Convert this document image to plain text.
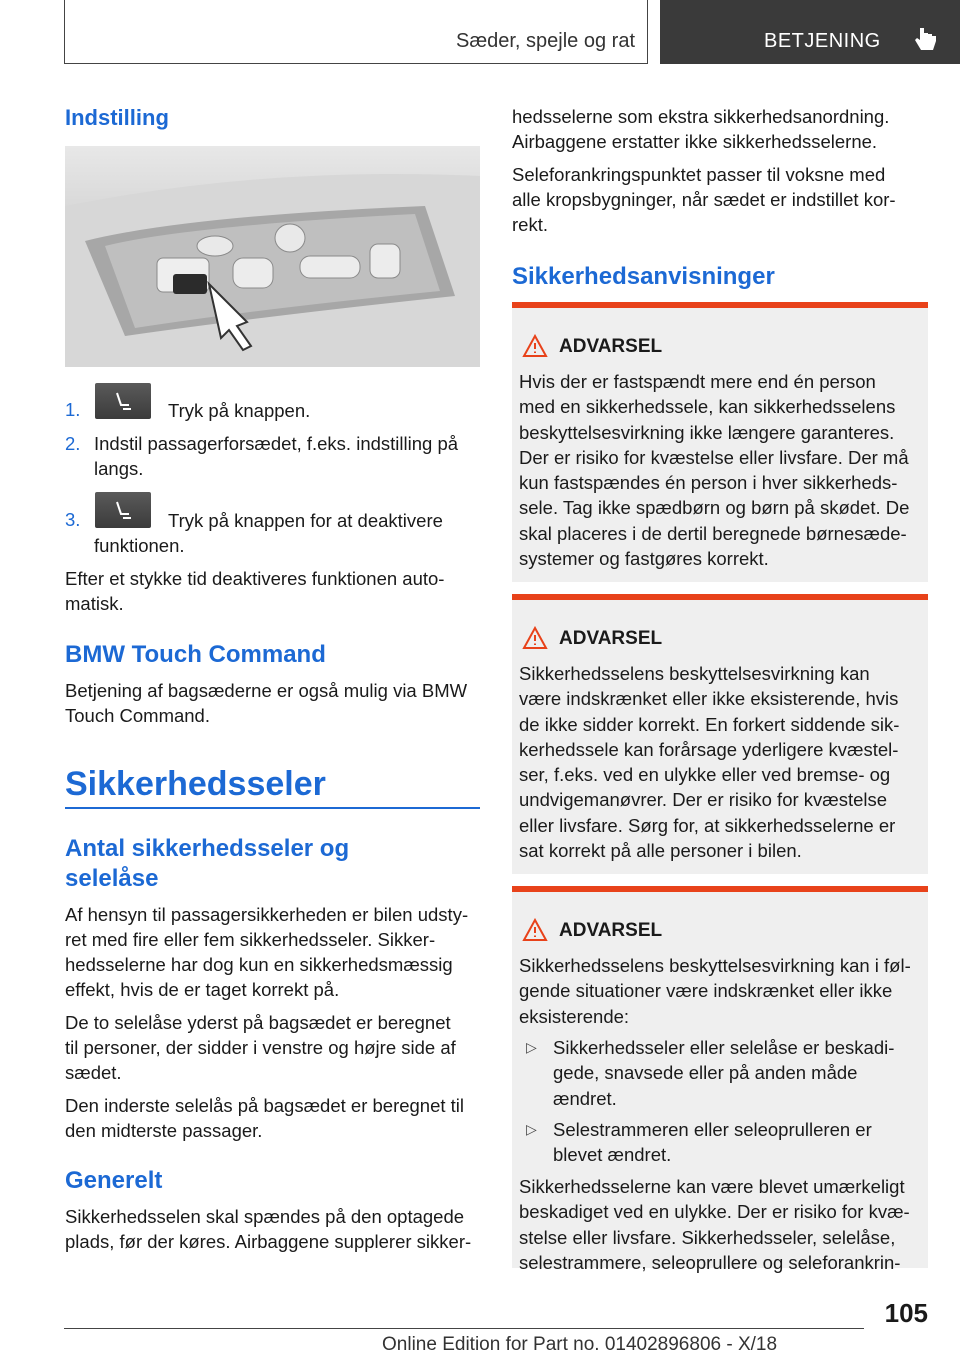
Sæder, spejle og rat	BETJENING
Indstilling
1.	Tryk på knappen.
2. Indstil passagerforsædet, f.eks. indstilling på
langs.
3.	Tryk på knappen for at deaktivere
funktionen.

Efter et stykke tid deaktiveres funktionen auto-

matisk.

BMW Touch Command

Betjening af bagsæderne er også mulig via BMW

Touch Command.

Sikkerhedsseler
Antal sikkerhedsseler og
selelåse

Af hensyn til passagersikkerheden er bilen udsty-

ret med fire eller fem sikkerhedsseler. Sikker-

hedsselerne har dog kun en sikkerhedsmæssig

effekt, hvis de er taget korrekt på.

De to selelåse yderst på bagsædet er beregnet

til personer, der sidder i venstre og højre side af

sædet.

Den inderste selelås på bagsædet er beregnet til

den midterste passager.

Generelt

Sikkerhedsselen skal spændes på den optagede

plads, før der køres. Airbaggene supplerer sikker-

hedsselerne som ekstra sikkerhedsanordning.

Airbaggene erstatter ikke sikkerhedsselerne.

Seleforankringspunktet passer til voksne med

alle kropsbygninger, når sædet er indstillet kor-

rekt.

Sikkerhedsanvisninger
ADVARSEL
Hvis der er fastspændt mere end én person
med en sikkerhedssele, kan sikkerhedsselens
beskyttelsesvirkning ikke længere garanteres.
Der er risiko for kvæstelse eller livsfare. Der må
kun fastspændes én person i hver sikkerheds-
sele. Tag ikke spædbørn og børn på skødet. De
skal placeres i de dertil beregnede børnesæde-
systemer og fastgøres korrekt.
ADVARSEL
Sikkerhedsselens beskyttelsesvirkning kan
være indskrænket eller ikke eksisterende, hvis
de ikke sidder korrekt. En forkert siddende sik-
kerhedssele kan forårsage yderligere kvæstel-
ser, f.eks. ved en ulykke eller ved bremse- og
undvigemanøvrer. Der er risiko for kvæstelse
eller livsfare. Sørg for, at sikkerhedsselerne er
sat korrekt på alle personer i bilen.
ADVARSEL
Sikkerhedsselens beskyttelsesvirkning kan i føl-
gende situationer være indskrænket eller ikke
eksisterende:
▷ Sikkerhedsseler eller selelåse er beskadi-
gede, snavsede eller på anden måde
ændret.
▷ Selestrammeren eller seleoprulleren er
blevet ændret.
Sikkerhedsselerne kan være blevet umærkeligt
beskadiget ved en ulykke. Der er risiko for kvæ-
stelse eller livsfare. Sikkerhedsseler, selelåse,
selestrammere, seleoprullere og seleforankrin-
105
Online Edition for Part no. 01402896806 - X/18
